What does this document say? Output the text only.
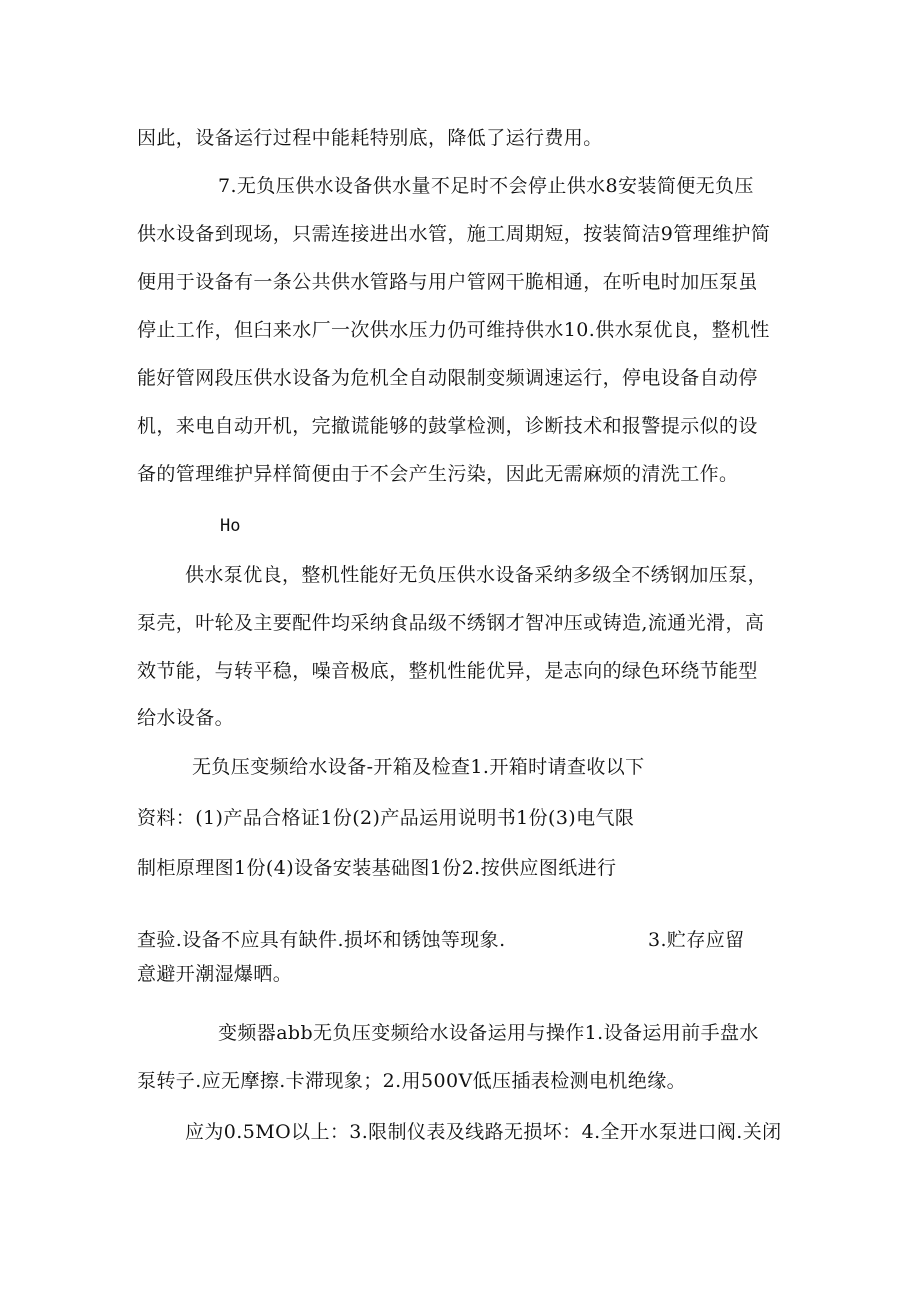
因此，设备运行过程中能耗特别底，降低了运行费用。
7.无负压供水设备供水量不足时不会停止供水8安装简便无负压
供水设备到现场，只需连接进出水管，施工周期短，按装简洁9管理维护简
便用于设备有一条公共供水管路与用户管网干脆相通，在听电时加压泵虽
停止工作，但臼来水厂一次供水压力仍可维持供水10.供水泵优良，整机性
能好管网段压供水设备为危机全自动限制变频调速运行，停电设备自动停
机，来电自动开机，完撤谎能够的鼓掌检测，诊断技术和报警提示似的设
备的管理维护异样简便由于不会产生污染，因此无需麻烦的清洗工作。
Ho
供水泵优良，整机性能好无负压供水设备采纳多级全不绣钢加压泵，
泵壳，叶轮及主要配件均采纳食品级不绣钢才智冲压或铸造,流通光滑，高
效节能，与转平稳，噪音极底，整机性能优异，是志向的绿色环绕节能型
给水设备。
无负压变频给水设备-开箱及检查1.开箱时请查收以下
资料：(1)产品合格证1份(2)产品运用说明书1份(3)电气限
制柜原理图1份(4)设备安装基础图1份2.按供应图纸进行
查验.设备不应具有缺件.损坏和锈蚀等现象.	3.贮存应留
意避开潮湿爆晒。
变频器abb无负压变频给水设备运用与操作1.设备运用前手盘水
泵转子.应无摩擦.卡滞现象；2.用500V低压插表检测电机绝缘。
应为0.5MO以上：3.限制仪表及线路无损坏：4.全开水泵进口阀.关闭
